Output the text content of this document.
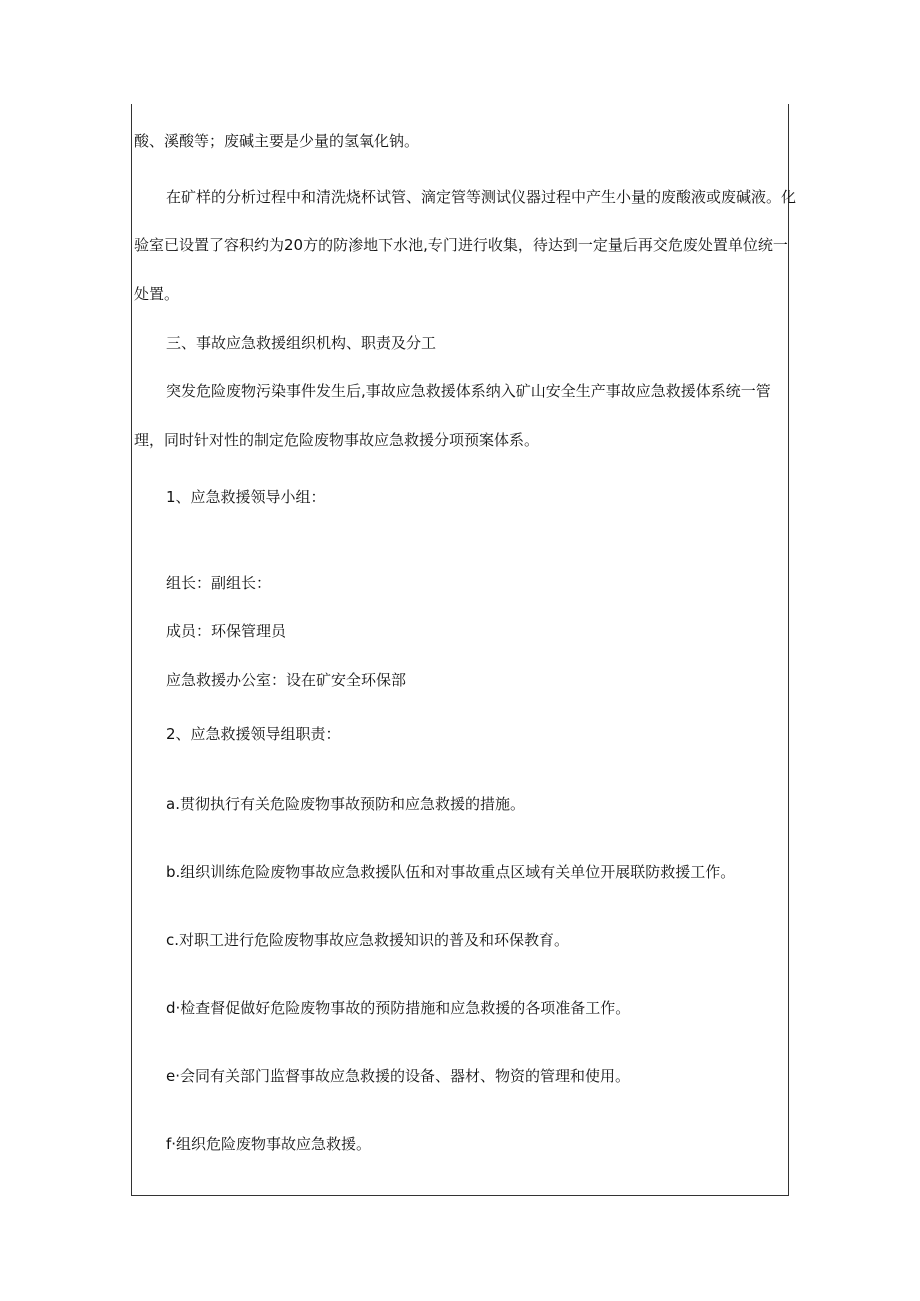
酸、溪酸等；废碱主要是少量的氢氧化钠。
在矿样的分析过程中和清洗烧杯试管、滴定管等测试仪器过程中产生小量的废酸液或废碱液。化
验室已设置了容积约为20方的防渗地下水池,专门进行收集，待达到一定量后再交危废处置单位统一
处置。
三、事故应急救援组织机构、职责及分工
突发危险废物污染事件发生后,事故应急救援体系纳入矿山安全生产事故应急救援体系统一管
理，同时针对性的制定危险废物事故应急救援分项预案体系。
1、应急救援领导小组：
组长：副组长：
成员：环保管理员
应急救援办公室：设在矿安全环保部
2、应急救援领导组职责：
a.贯彻执行有关危险废物事故预防和应急救援的措施。
b.组织训练危险废物事故应急救援队伍和对事故重点区域有关单位开展联防救援工作。
c.对职工进行危险废物事故应急救援知识的普及和环保教育。
d·检查督促做好危险废物事故的预防措施和应急救援的各项准备工作。
e·会同有关部门监督事故应急救援的设备、器材、物资的管理和使用。
f·组织危险废物事故应急救援。
